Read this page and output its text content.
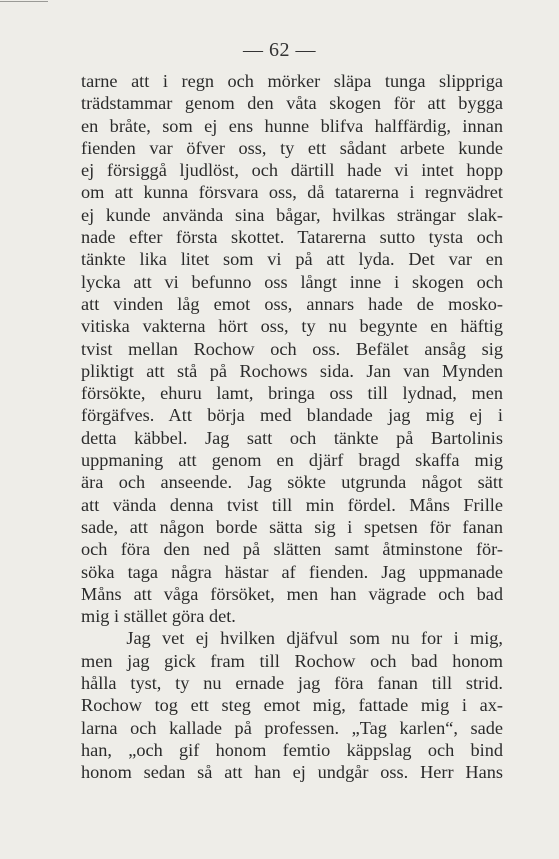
— 62 —
tarne att i regn och mörker släpa tunga slippriga
trädstammar genom den våta skogen för att bygga
en bråte, som ej ens hunne blifva halffärdig, innan
fienden var öfver oss, ty ett sådant arbete kunde
ej försiggå ljudlöst, och därtill hade vi intet hopp
om att kunna försvara oss, då tatarerna i regnvädret
ej kunde använda sina bågar, hvilkas strängar slak-
nade efter första skottet. Tatarerna sutto tysta och
tänkte lika litet som vi på att lyda. Det var en
lycka att vi befunno oss långt inne i skogen och
att vinden låg emot oss, annars hade de mosko-
vitiska vakterna hört oss, ty nu begynte en häftig
tvist mellan Rochow och oss. Befälet ansåg sig
pliktigt att stå på Rochows sida. Jan van Mynden
försökte, ehuru lamt, bringa oss till lydnad, men
förgäfves. Att börja med blandade jag mig ej i
detta käbbel. Jag satt och tänkte på Bartolinis
uppmaning att genom en djärf bragd skaffa mig
ära och anseende. Jag sökte utgrunda något sätt
att vända denna tvist till min fördel. Måns Frille
sade, att någon borde sätta sig i spetsen för fanan
och föra den ned på slätten samt åtminstone för-
söka taga några hästar af fienden. Jag uppmanade
Måns att våga försöket, men han vägrade och bad
mig i stället göra det.
Jag vet ej hvilken djäfvul som nu for i mig,
men jag gick fram till Rochow och bad honom
hålla tyst, ty nu ernade jag föra fanan till strid.
Rochow tog ett steg emot mig, fattade mig i ax-
larna och kallade på professen. „Tag karlen“, sade
han, „och gif honom femtio käppslag och bind
honom sedan så att han ej undgår oss. Herr Hans
